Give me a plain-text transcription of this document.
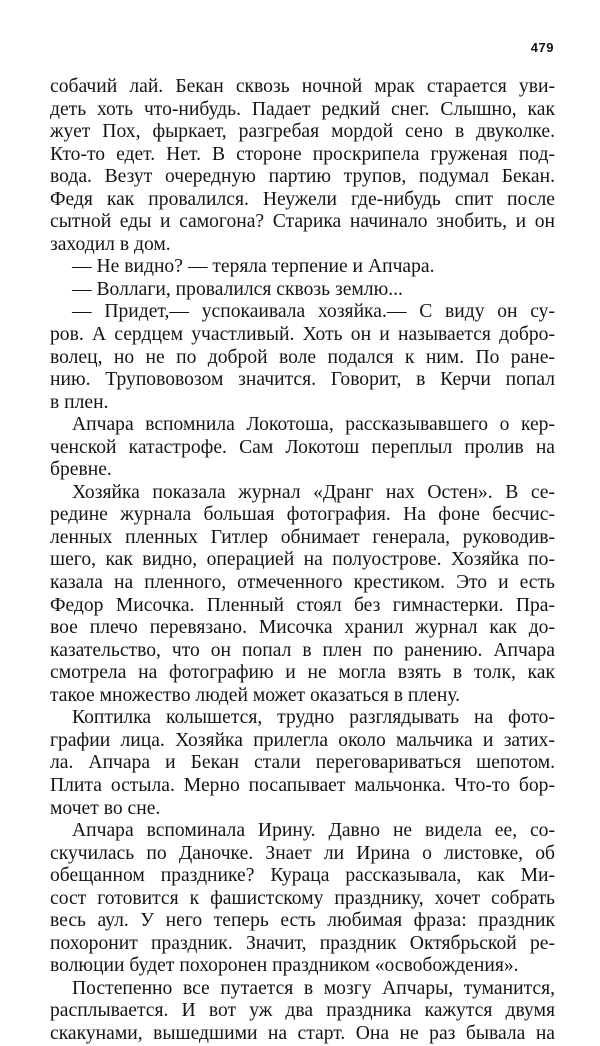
479
собачий лай. Бекан сквозь ночной мрак старается уви-
деть хоть что-нибудь. Падает редкий снег. Слышно, как
жует Пох, фыркает, разгребая мордой сено в двуколке.
Кто-то едет. Нет. В стороне проскрипела груженая под-
вода. Везут очередную партию трупов, подумал Бекан.
Федя как провалился. Неужели где-нибудь спит после
сытной еды и самогона? Старика начинало знобить, и он
заходил в дом.
— Не видно? — теряла терпение и Апчара.
— Воллаги, провалился сквозь землю...
— Придет,— успокаивала хозяйка.— С виду он су-
ров. А сердцем участливый. Хоть он и называется добро-
волец, но не по доброй воле подался к ним. По ране-
нию. Трупововозом значится. Говорит, в Керчи попал
в плен.
Апчара вспомнила Локотоша, рассказывавшего о кер-
ченской катастрофе. Сам Локотош переплыл пролив на
бревне.
Хозяйка показала журнал «Дранг нах Остен». В се-
редине журнала большая фотография. На фоне бесчис-
ленных пленных Гитлер обнимает генерала, руководив-
шего, как видно, операцией на полуострове. Хозяйка по-
казала на пленного, отмеченного крестиком. Это и есть
Федор Мисочка. Пленный стоял без гимнастерки. Пра-
вое плечо перевязано. Мисочка хранил журнал как до-
казательство, что он попал в плен по ранению. Апчара
смотрела на фотографию и не могла взять в толк, как
такое множество людей может оказаться в плену.
Коптилка колышется, трудно разглядывать на фото-
графии лица. Хозяйка прилегла около мальчика и затих-
ла. Апчара и Бекан стали переговариваться шепотом.
Плита остыла. Мерно посапывает мальчонка. Что-то бор-
мочет во сне.
Апчара вспоминала Ирину. Давно не видела ее, со-
скучилась по Даночке. Знает ли Ирина о листовке, об
обещанном празднике? Кураца рассказывала, как Ми-
сост готовится к фашистскому празднику, хочет собрать
весь аул. У него теперь есть любимая фраза: праздник
похоронит праздник. Значит, праздник Октябрьской ре-
волюции будет похоронен праздником «освобождения».
Постепенно все путается в мозгу Апчары, туманится,
расплывается. И вот уж два праздника кажутся двумя
скакунами, вышедшими на старт. Она не раз бывала на
